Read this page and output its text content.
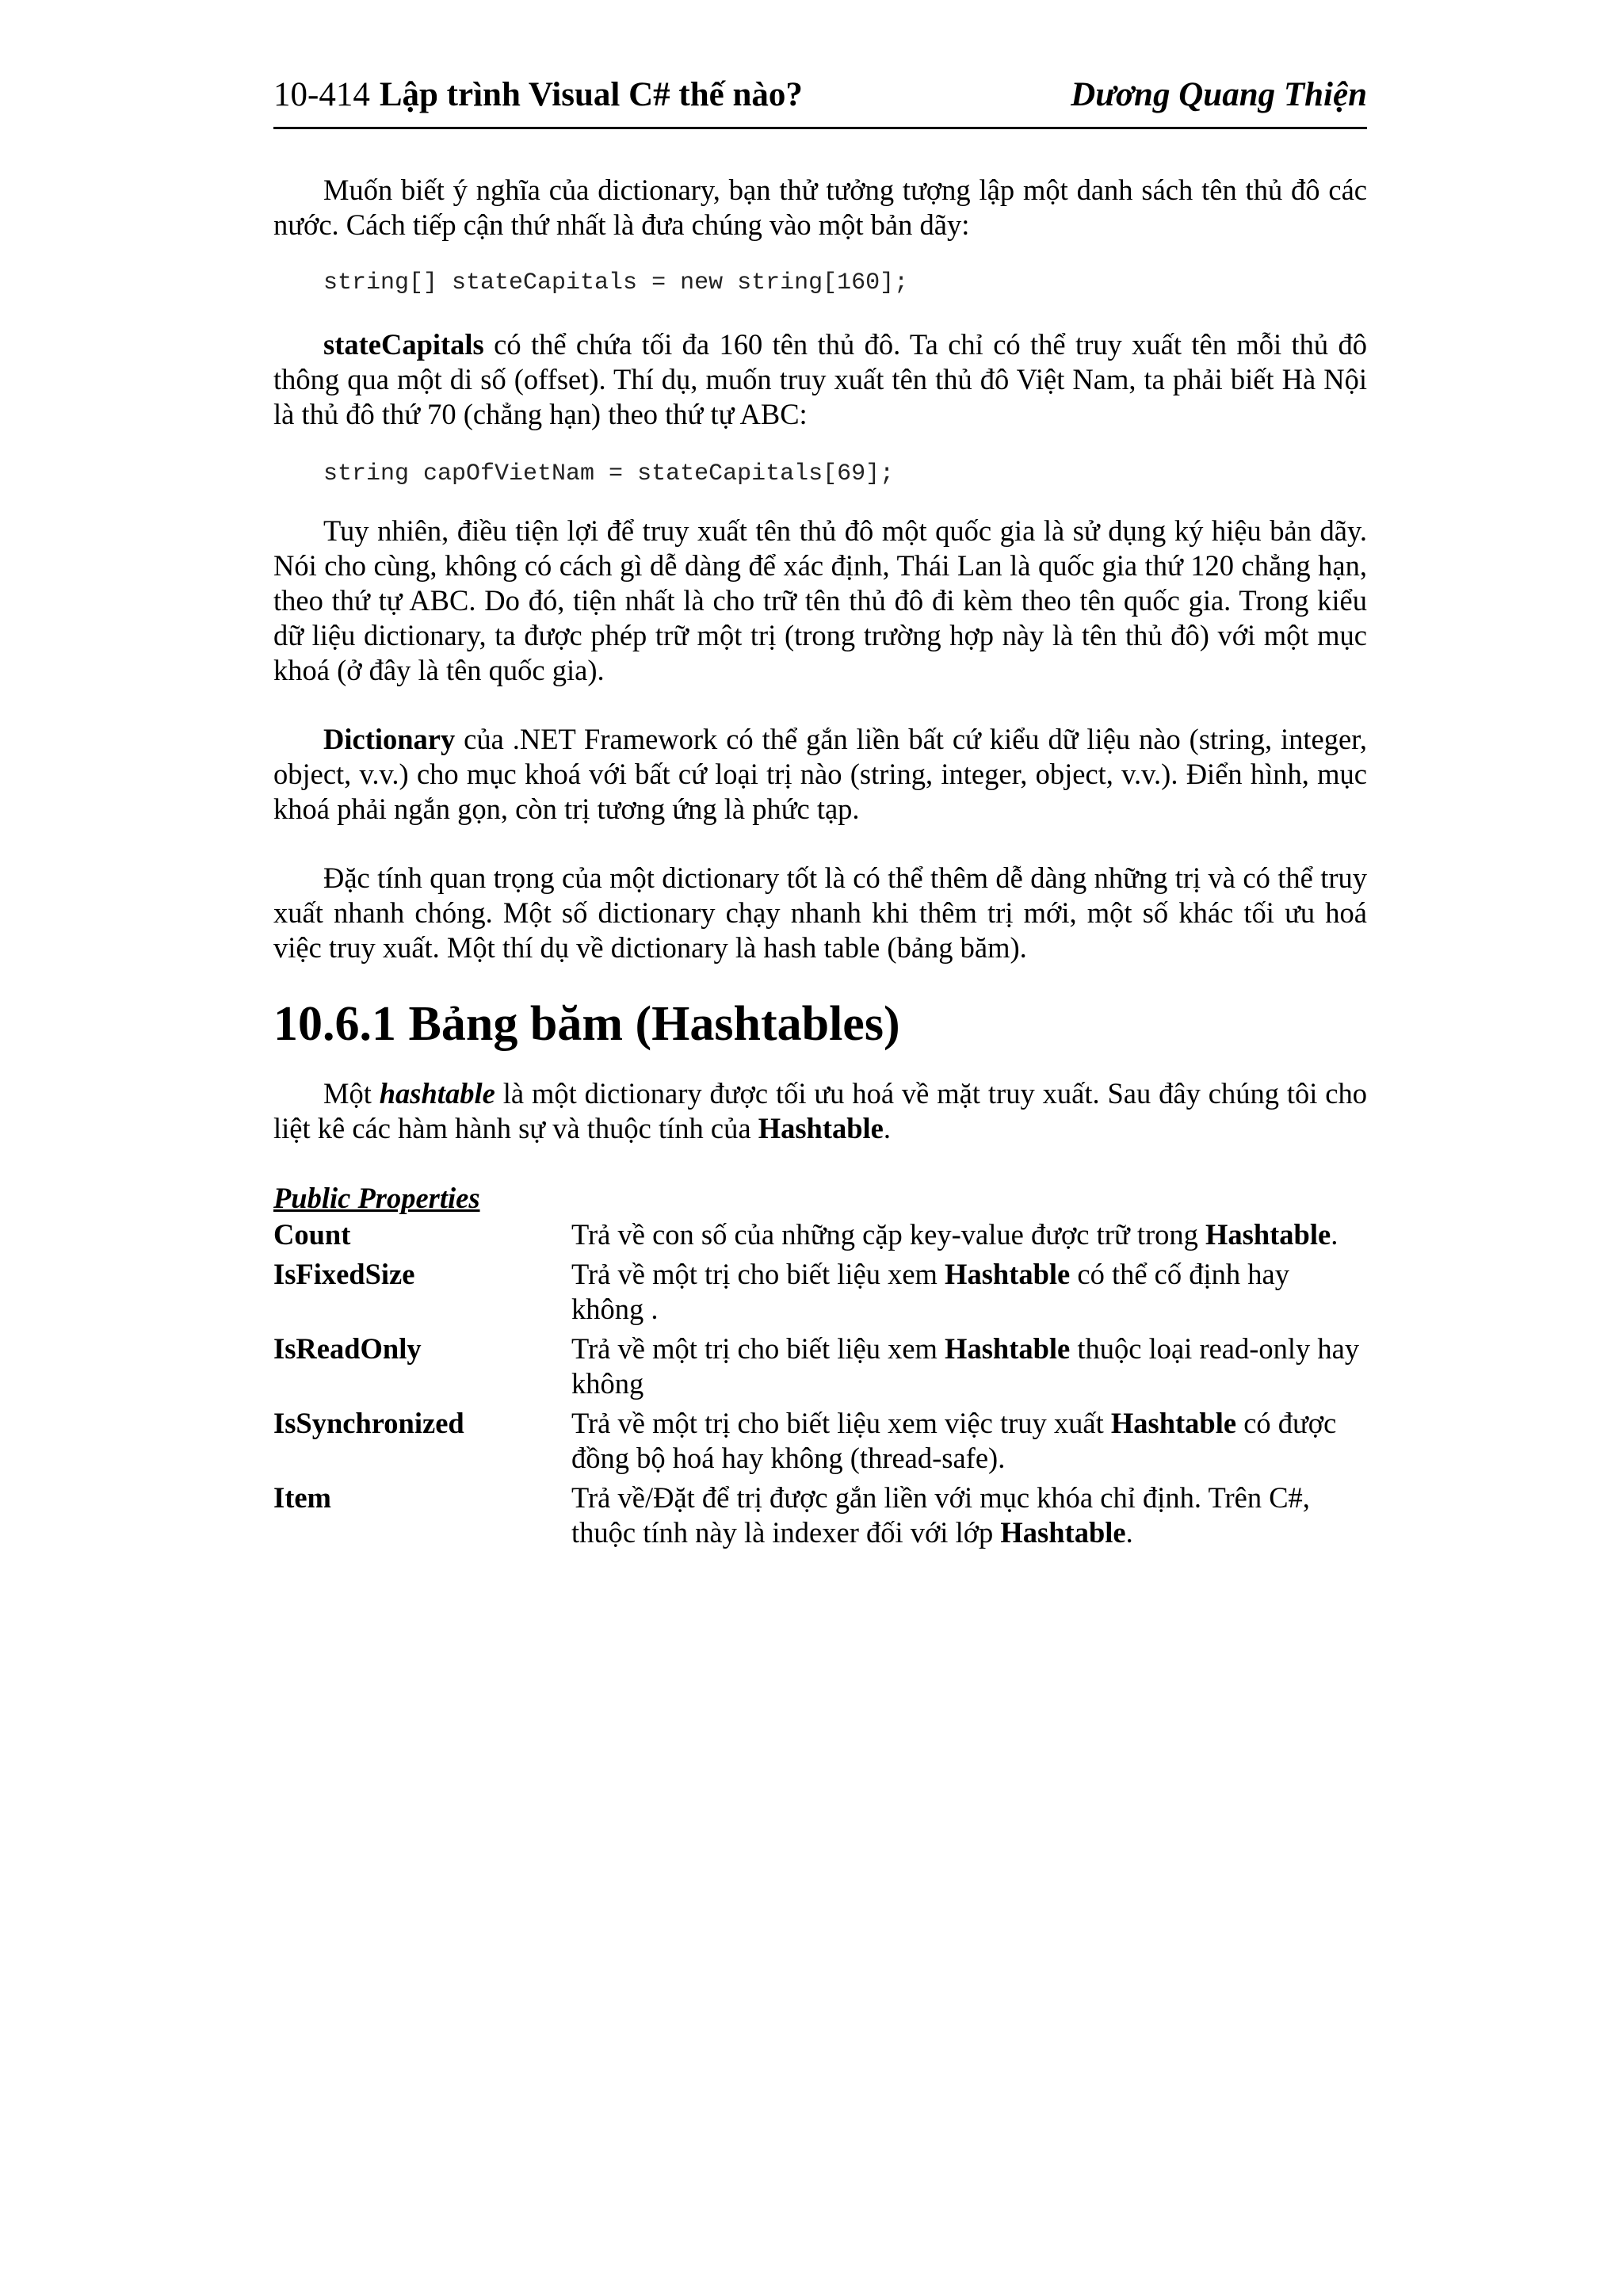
10-414 Lập trình Visual C# thế nào?	Dương Quang Thiện

Muốn biết ý nghĩa của dictionary, bạn thử tưởng tượng lập một danh sách tên thủ đô các nước. Cách tiếp cận thứ nhất là đưa chúng vào một bản dãy:

string[] stateCapitals = new string[160];

stateCapitals có thể chứa tối đa 160 tên thủ đô. Ta chỉ có thể truy xuất tên mỗi thủ đô thông qua một di số (offset). Thí dụ, muốn truy xuất tên thủ đô Việt Nam, ta phải biết Hà Nội là thủ đô thứ 70 (chẳng hạn) theo thứ tự ABC:

string capOfVietNam = stateCapitals[69];

Tuy nhiên, điều tiện lợi để truy xuất tên thủ đô một quốc gia là sử dụng ký hiệu bản dãy. Nói cho cùng, không có cách gì dễ dàng để xác định, Thái Lan là quốc gia thứ 120 chẳng hạn, theo thứ tự ABC. Do đó, tiện nhất là cho trữ tên thủ đô đi kèm theo tên quốc gia. Trong kiểu dữ liệu dictionary, ta được phép trữ một trị (trong trường hợp này là tên thủ đô) với một mục khoá (ở đây là tên quốc gia).

Dictionary của .NET Framework có thể gắn liền bất cứ kiểu dữ liệu nào (string, integer, object, v.v.) cho mục khoá với bất cứ loại trị nào (string, integer, object, v.v.). Điển hình, mục khoá phải ngắn gọn, còn trị tương ứng là phức tạp.

Đặc tính quan trọng của một dictionary tốt là có thể thêm dễ dàng những trị và có thể truy xuất nhanh chóng. Một số dictionary chạy nhanh khi thêm trị mới, một số khác tối ưu hoá việc truy xuất. Một thí dụ về dictionary là hash table (bảng băm).

10.6.1 Bảng băm (Hashtables)

Một hashtable là một dictionary được tối ưu hoá về mặt truy xuất. Sau đây chúng tôi cho liệt kê các hàm hành sự và thuộc tính của Hashtable.

Public Properties

Count	Trả về con số của những cặp key-value được trữ trong Hashtable.
IsFixedSize	Trả về một trị cho biết liệu xem Hashtable có thể cố định hay không .
IsReadOnly	Trả về một trị cho biết liệu xem Hashtable thuộc loại read-only hay không
IsSynchronized	Trả về một trị cho biết liệu xem việc truy xuất Hashtable có được đồng bộ hoá hay không (thread-safe).
Item	Trả về/Đặt để trị được gắn liền với mục khóa chỉ định. Trên C#, thuộc tính này là indexer đối với lớp Hashtable.
